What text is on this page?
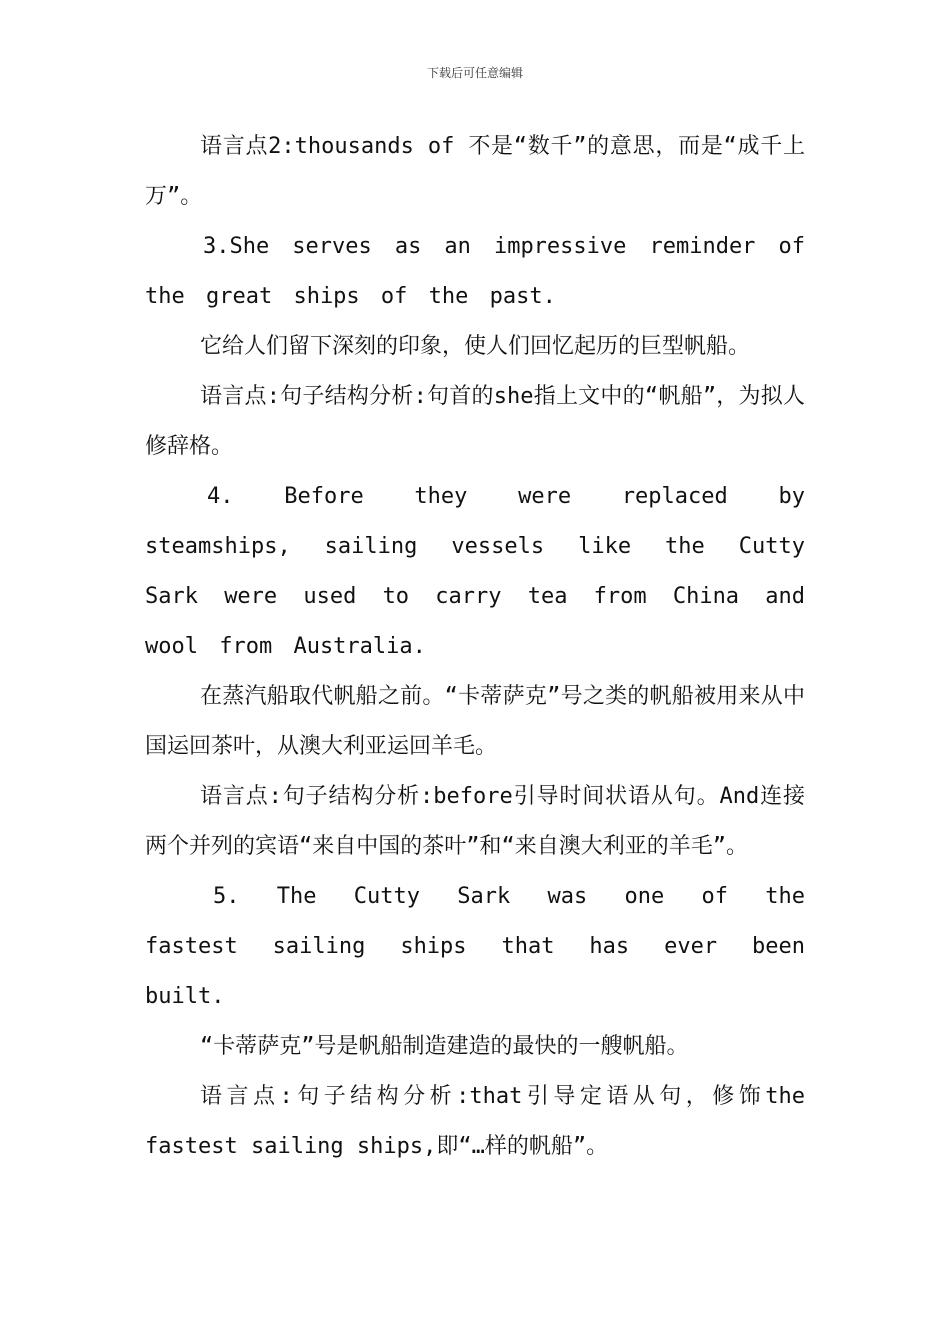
下载后可任意编辑

语言点2:thousands of 不是“数千”的意思，而是“成千上万”。

3.She serves as an impressive reminder of the great ships of the past.

它给人们留下深刻的印象，使人们回忆起历的巨型帆船。

语言点:句子结构分析:句首的she指上文中的“帆船”，为拟人修辞格。

4. Before they were replaced by steamships, sailing vessels like the Cutty Sark were used to carry tea from China and wool from Australia.

在蒸汽船取代帆船之前。“卡蒂萨克”号之类的帆船被用来从中国运回茶叶，从澳大利亚运回羊毛。

语言点:句子结构分析:before引导时间状语从句。And连接两个并列的宾语“来自中国的茶叶”和“来自澳大利亚的羊毛”。

5. The Cutty Sark was one of the fastest sailing ships that has ever been built.

“卡蒂萨克”号是帆船制造建造的最快的一艘帆船。

语言点:句子结构分析:that引导定语从句，修饰the fastest sailing ships,即“…样的帆船”。
